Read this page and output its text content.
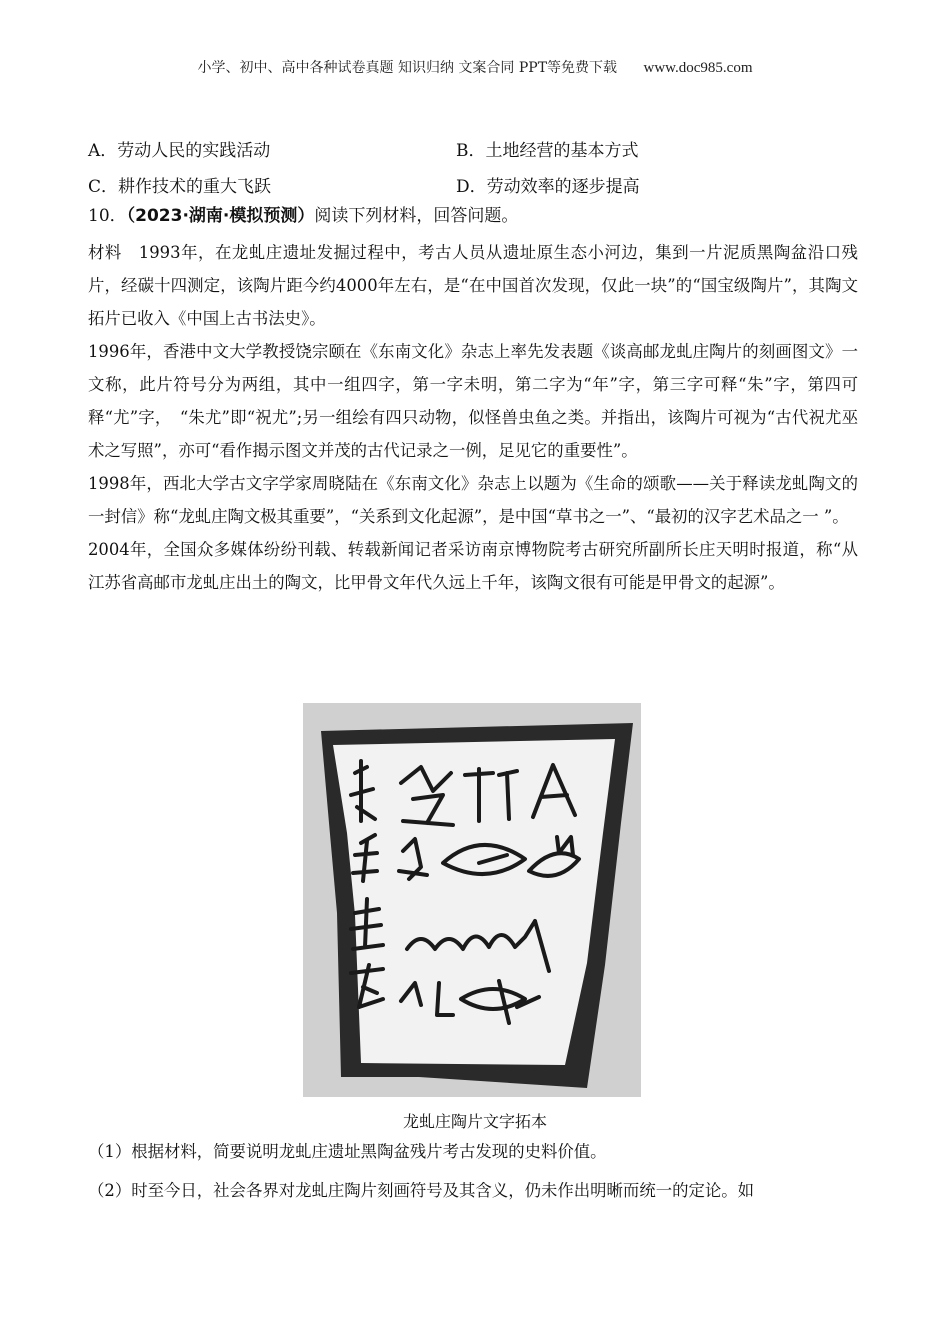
小学、初中、高中各种试卷真题 知识归纳 文案合同 PPT等免费下载 www.doc985.com
A．劳动人民的实践活动	B．土地经营的基本方式
C．耕作技术的重大飞跃	D．劳动效率的逐步提高
10．（2023·湖南·模拟预测）阅读下列材料，回答问题。

材料　1993年，在龙虬庄遗址发掘过程中，考古人员从遗址原生态小河边，集到一片泥质黑陶盆沿口残片，经碳十四测定，该陶片距今约4000年左右，是“在中国首次发现，仅此一块”的“国宝级陶片”，其陶文拓片已收入《中国上古书法史》。

1996年，香港中文大学教授饶宗颐在《东南文化》杂志上率先发表题《谈高邮龙虬庄陶片的刻画图文》一文称，此片符号分为两组，其中一组四字，第一字未明，第二字为“年”字，第三字可释“朱”字，第四可释“尤”字，　“朱尤”即“祝尤”;另一组绘有四只动物，似怪兽虫鱼之类。并指出，该陶片可视为“古代祝尤巫术之写照”，亦可“看作揭示图文并茂的古代记录之一例，足见它的重要性”。

1998年，西北大学古文字学家周晓陆在《东南文化》杂志上以题为《生命的颂歌——关于释读龙虬陶文的一封信》称“龙虬庄陶文极其重要”，“关系到文化起源”，是中国“草书之一”、“最初的汉字艺术品之一 ”。

2004年，全国众多媒体纷纷刊载、转载新闻记者采访南京博物院考古研究所副所长庄天明时报道，称“从江苏省高邮市龙虬庄出土的陶文，比甲骨文年代久远上千年，该陶文很有可能是甲骨文的起源”。

龙虬庄陶片文字拓本
（1）根据材料，简要说明龙虬庄遗址黑陶盆残片考古发现的史料价值。
（2）时至今日，社会各界对龙虬庄陶片刻画符号及其含义，仍未作出明晰而统一的定论。如
